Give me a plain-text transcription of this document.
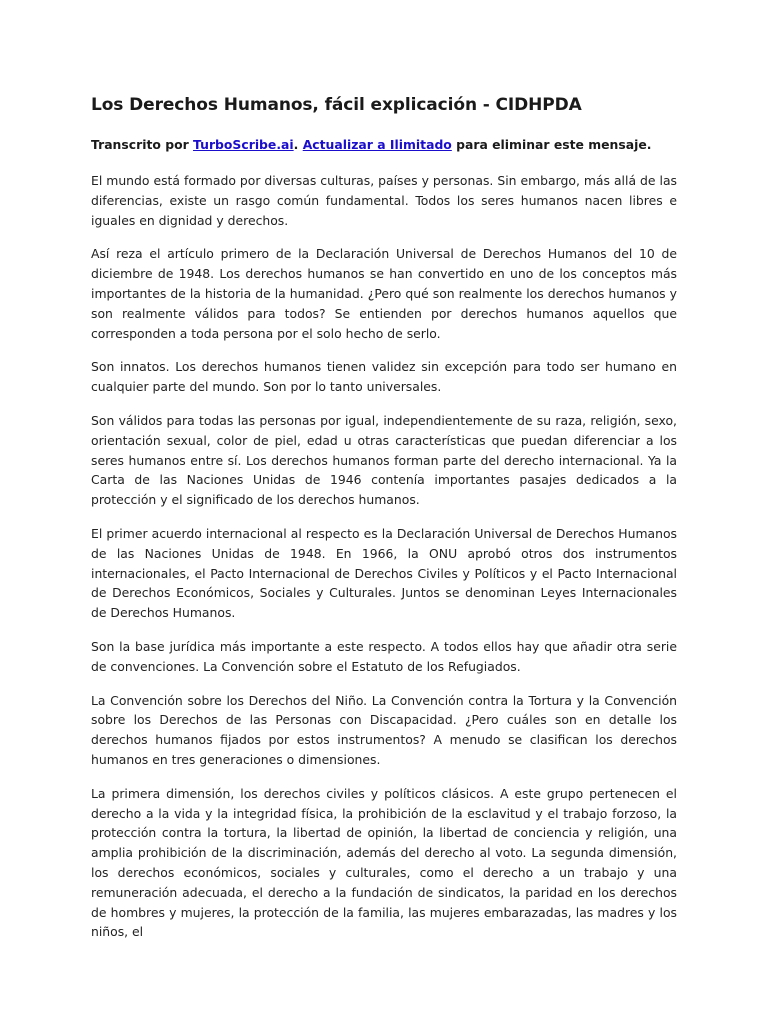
Los Derechos Humanos, fácil explicación - CIDHPDA
Transcrito por TurboScribe.ai. Actualizar a Ilimitado para eliminar este mensaje.

El mundo está formado por diversas culturas, países y personas. Sin embargo, más allá de las diferencias, existe un rasgo común fundamental. Todos los seres humanos nacen libres e iguales en dignidad y derechos.

Así reza el artículo primero de la Declaración Universal de Derechos Humanos del 10 de diciembre de 1948. Los derechos humanos se han convertido en uno de los conceptos más importantes de la historia de la humanidad. ¿Pero qué son realmente los derechos humanos y son realmente válidos para todos? Se entienden por derechos humanos aquellos que corresponden a toda persona por el solo hecho de serlo.

Son innatos. Los derechos humanos tienen validez sin excepción para todo ser humano en cualquier parte del mundo. Son por lo tanto universales.

Son válidos para todas las personas por igual, independientemente de su raza, religión, sexo, orientación sexual, color de piel, edad u otras características que puedan diferenciar a los seres humanos entre sí. Los derechos humanos forman parte del derecho internacional. Ya la Carta de las Naciones Unidas de 1946 contenía importantes pasajes dedicados a la protección y el significado de los derechos humanos.

El primer acuerdo internacional al respecto es la Declaración Universal de Derechos Humanos de las Naciones Unidas de 1948. En 1966, la ONU aprobó otros dos instrumentos internacionales, el Pacto Internacional de Derechos Civiles y Políticos y el Pacto Internacional de Derechos Económicos, Sociales y Culturales. Juntos se denominan Leyes Internacionales de Derechos Humanos.

Son la base jurídica más importante a este respecto. A todos ellos hay que añadir otra serie de convenciones. La Convención sobre el Estatuto de los Refugiados.

La Convención sobre los Derechos del Niño. La Convención contra la Tortura y la Convención sobre los Derechos de las Personas con Discapacidad. ¿Pero cuáles son en detalle los derechos humanos fijados por estos instrumentos? A menudo se clasifican los derechos humanos en tres generaciones o dimensiones.

La primera dimensión, los derechos civiles y políticos clásicos. A este grupo pertenecen el derecho a la vida y la integridad física, la prohibición de la esclavitud y el trabajo forzoso, la protección contra la tortura, la libertad de opinión, la libertad de conciencia y religión, una amplia prohibición de la discriminación, además del derecho al voto. La segunda dimensión, los derechos económicos, sociales y culturales, como el derecho a un trabajo y una remuneración adecuada, el derecho a la fundación de sindicatos, la paridad en los derechos de hombres y mujeres, la protección de la familia, las mujeres embarazadas, las madres y los niños, el
